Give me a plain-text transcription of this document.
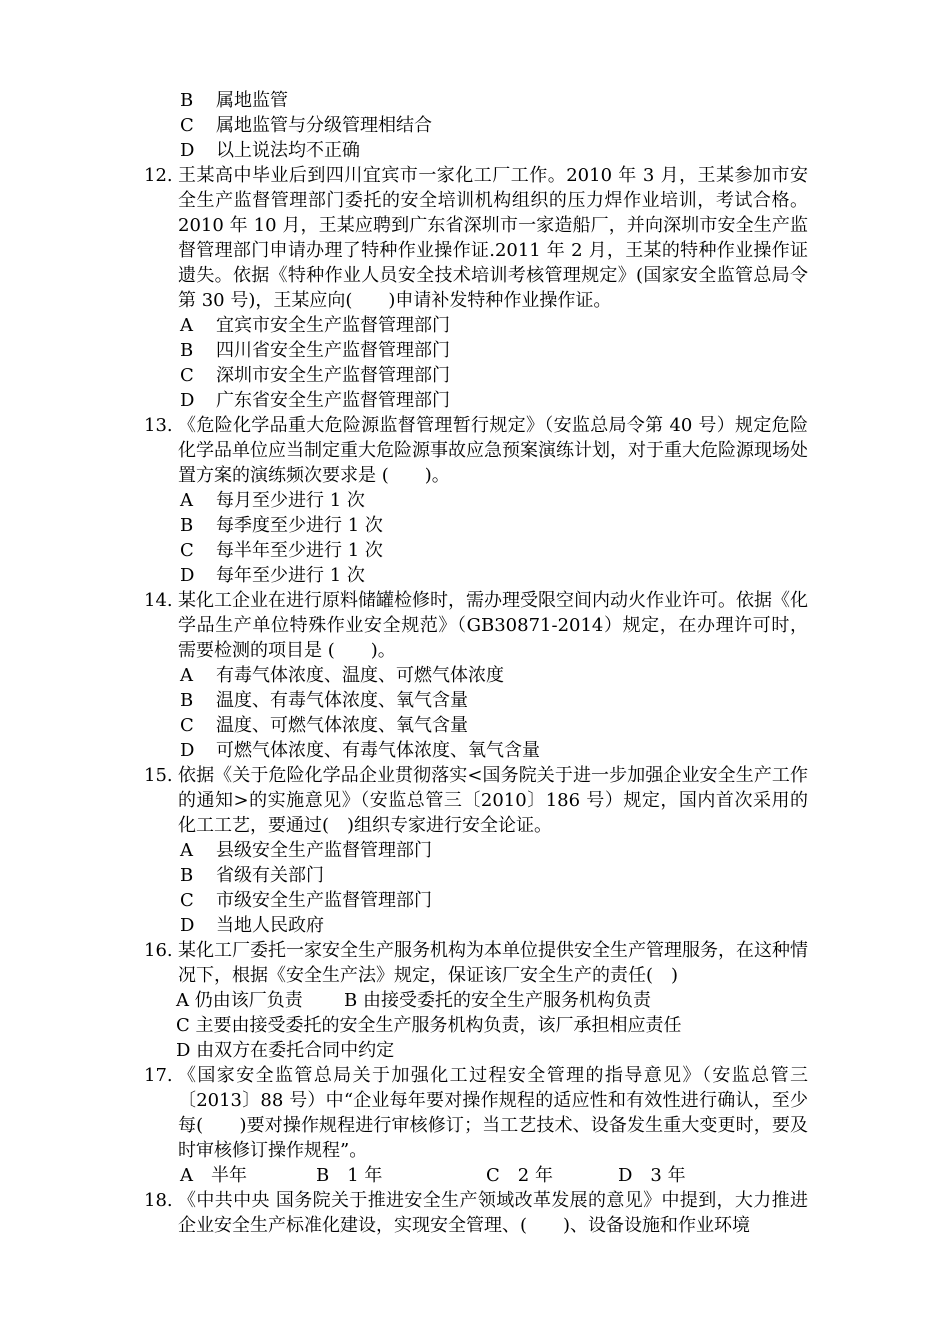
B 属地监管
C 属地监管与分级管理相结合
D 以上说法均不正确
12. 王某高中毕业后到四川宜宾市一家化工厂工作。2010 年 3 月，王某参加市安全生产监督管理部门委托的安全培训机构组织的压力焊作业培训，考试合格。2010 年 10 月，王某应聘到广东省深圳市一家造船厂，并向深圳市安全生产监督管理部门申请办理了特种作业操作证.2011 年 2 月，王某的特种作业操作证遗失。依据《特种作业人员安全技术培训考核管理规定》(国家安全监管总局令 第 30 号)，王某应向(　　)申请补发特种作业操作证。
A 宜宾市安全生产监督管理部门
B 四川省安全生产监督管理部门
C 深圳市安全生产监督管理部门
D 广东省安全生产监督管理部门
13. 《危险化学品重大危险源监督管理暂行规定》（安监总局令第 40 号）规定危险化学品单位应当制定重大危险源事故应急预案演练计划，对于重大危险源现场处置方案的演练频次要求是 (　　)。
A 每月至少进行 1 次
B 每季度至少进行 1 次
C 每半年至少进行 1 次
D 每年至少进行 1 次
14. 某化工企业在进行原料储罐检修时，需办理受限空间内动火作业许可。依据《化学品生产单位特殊作业安全规范》（GB30871-2014）规定，在办理许可时，需要检测的项目是 (　　)。
A 有毒气体浓度、温度、可燃气体浓度
B 温度、有毒气体浓度、氧气含量
C 温度、可燃气体浓度、氧气含量
D 可燃气体浓度、有毒气体浓度、氧气含量
15. 依据《关于危险化学品企业贯彻落实<国务院关于进一步加强企业安全生产工作的通知>的实施意见》（安监总管三〔2010〕186 号）规定，国内首次采用的化工工艺，要通过(　)组织专家进行安全论证。
A 县级安全生产监督管理部门
B 省级有关部门
C 市级安全生产监督管理部门
D 当地人民政府
16. 某化工厂委托一家安全生产服务机构为本单位提供安全生产管理服务，在这种情况下，根据《安全生产法》规定，保证该厂安全生产的责任(　)
A 仍由该厂负责 B 由接受委托的安全生产服务机构负责
C 主要由接受委托的安全生产服务机构负责，该厂承担相应责任
D 由双方在委托合同中约定
17. 《国家安全监管总局关于加强化工过程安全管理的指导意见》（安监总管三〔2013〕88 号）中“企业每年要对操作规程的适应性和有效性进行确认，至少每(　　)要对操作规程进行审核修订；当工艺技术、设备发生重大变更时，要及时审核修订操作规程”。
A　半年	B　1 年	C　2 年	D　3 年
18. 《中共中央 国务院关于推进安全生产领域改革发展的意见》中提到，大力推进企业安全生产标准化建设，实现安全管理、(　　)、设备设施和作业环境
